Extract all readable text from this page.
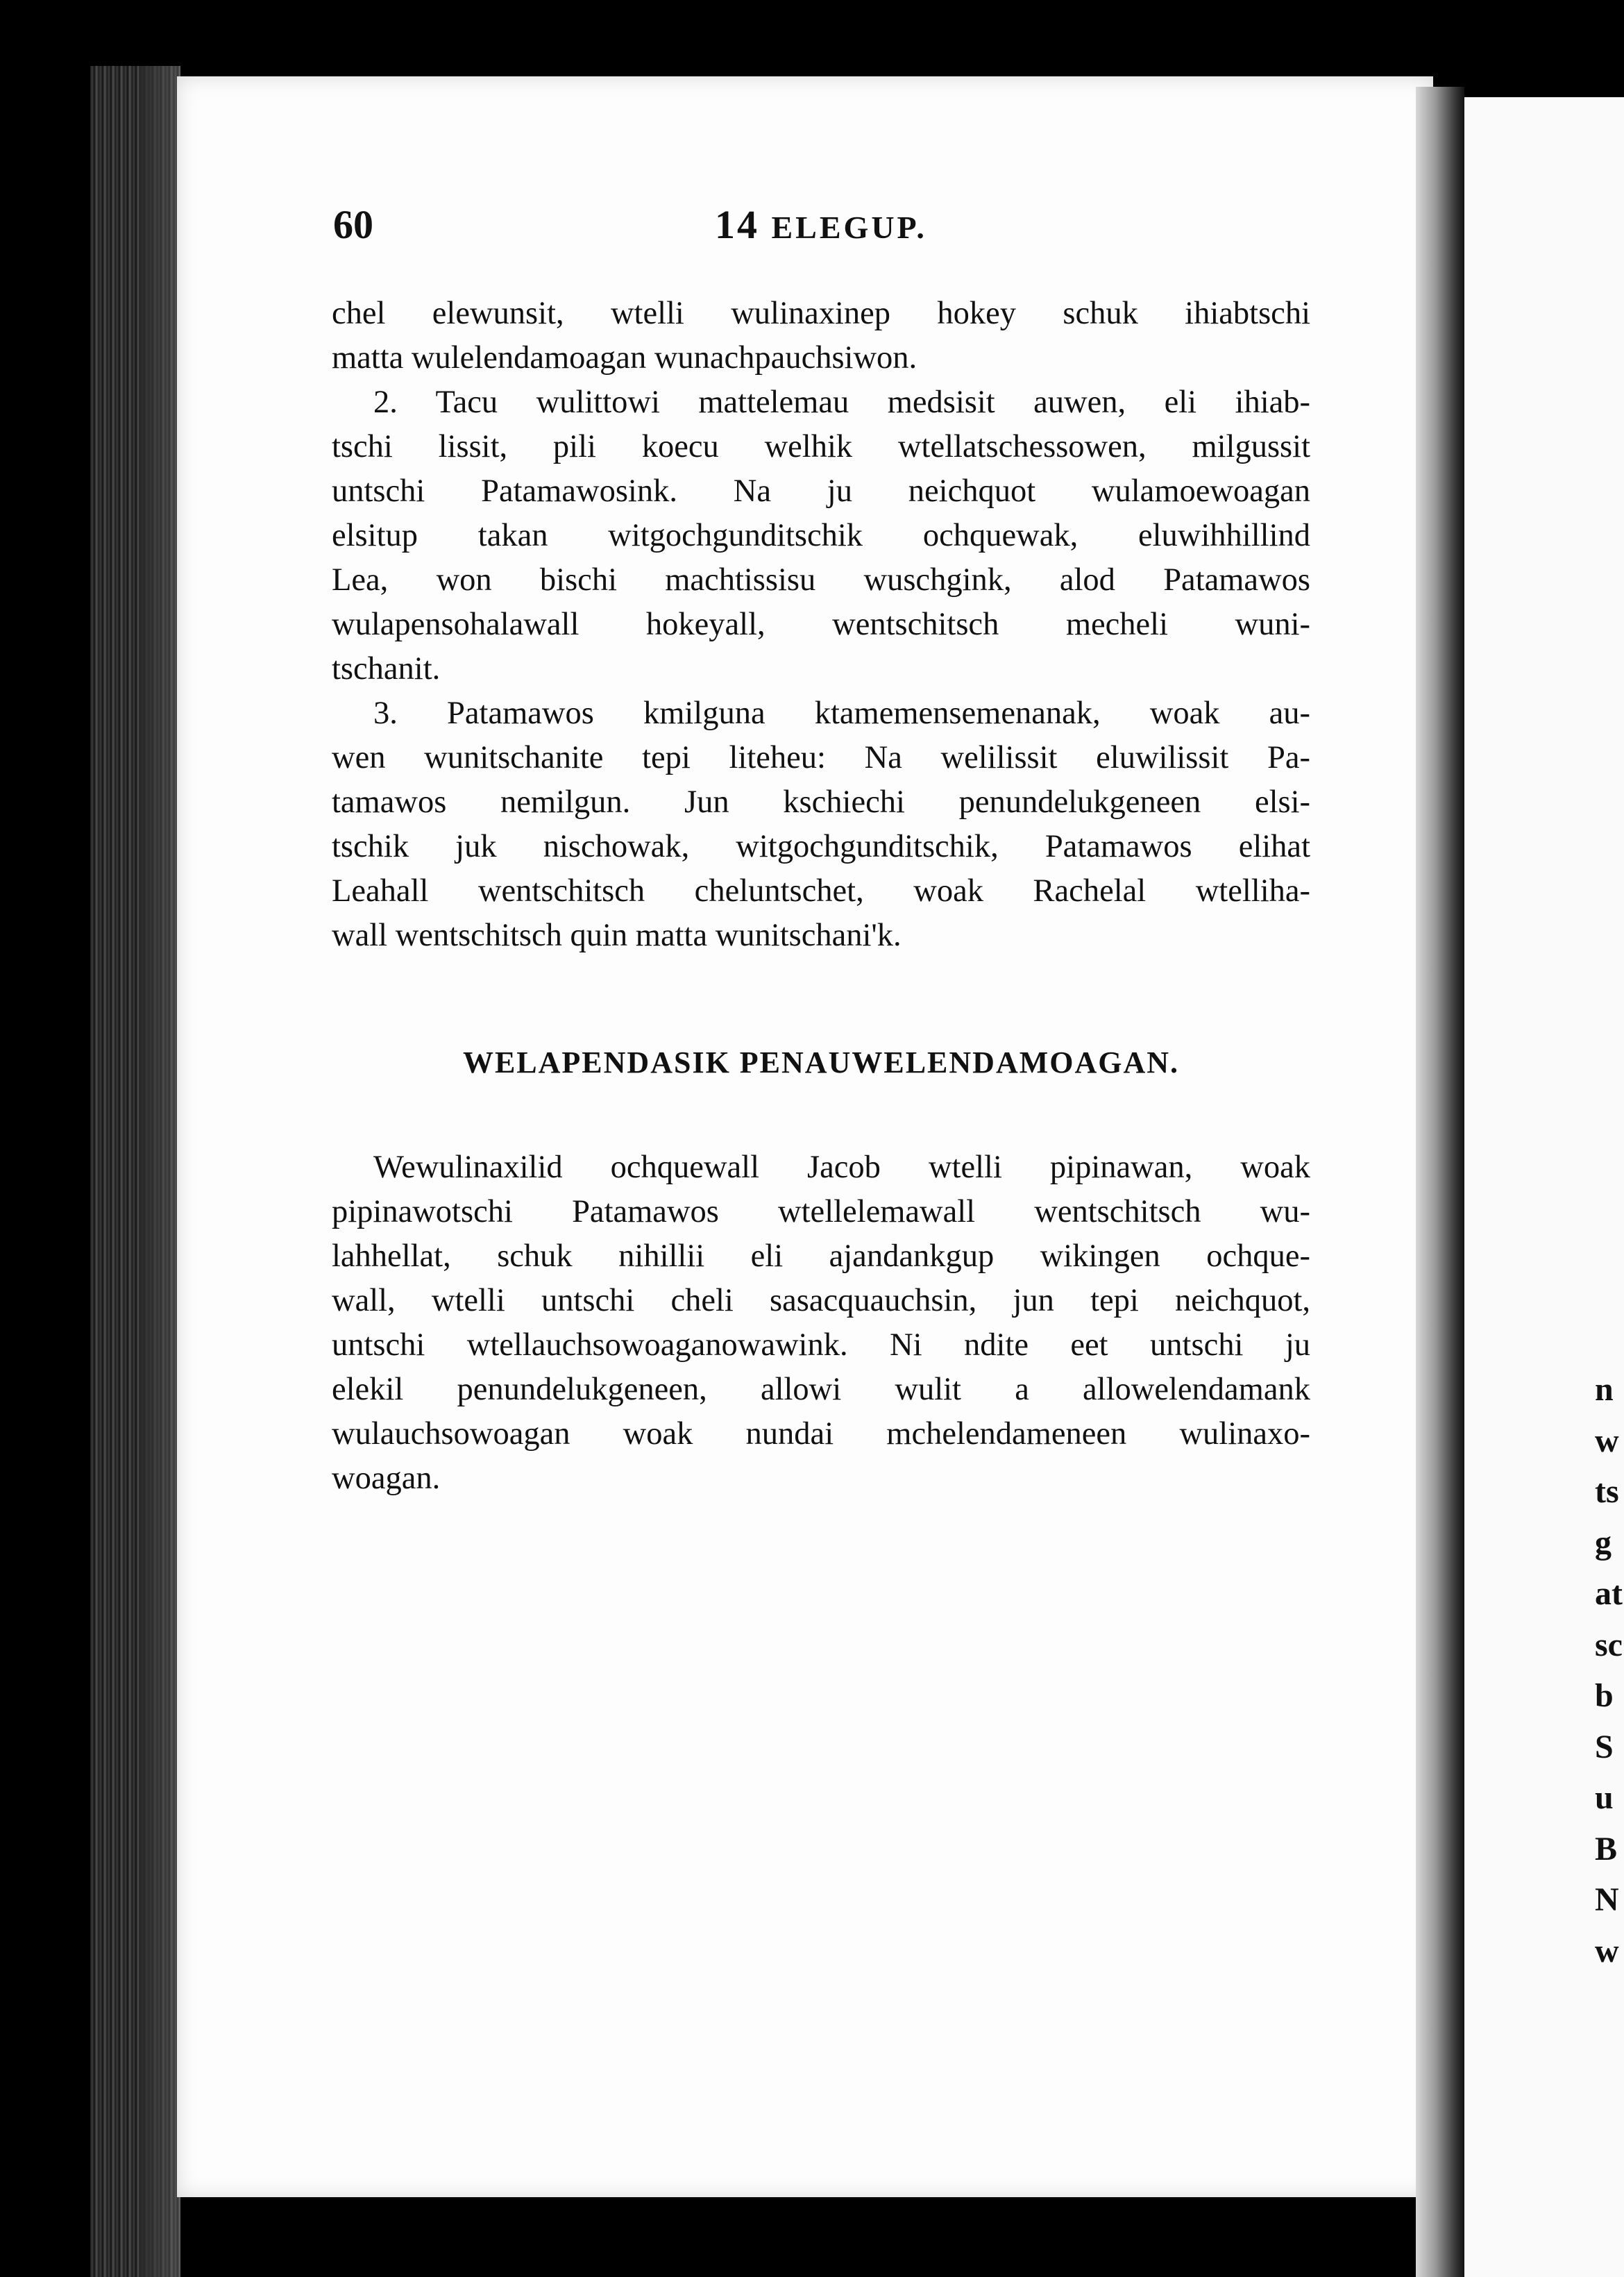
60	14 ELEGUP.
chel elewunsit, wtelli wulinaxinep hokey schuk ihiabtschi
matta wulelendamoagan wunachpauchsiwon.
2. Tacu wulittowi mattelemau medsisit auwen, eli ihiab-
tschi lissit, pili koecu welhik wtellatschessowen, milgussit
untschi Patamawosink. Na ju neichquot wulamoewoagan
elsitup takan witgochgunditschik ochquewak, eluwihhillind
Lea, won bischi machtissisu wuschgink, alod Patamawos
wulapensohalawall hokeyall, wentschitsch mecheli wuni-
tschanit.
3. Patamawos kmilguna ktamemensemenanak, woak au-
wen wunitschanite tepi liteheu: Na welilissit eluwilissit Pa-
tamawos nemilgun. Jun kschiechi penundelukgeneen elsi-
tschik juk nischowak, witgochgunditschik, Patamawos elihat
Leahall wentschitsch cheluntschet, woak Rachelal wtelliha-
wall wentschitsch quin matta wunitschani'k.
WELAPENDASIK PENAUWELENDAMOAGAN.
Wewulinaxilid ochquewall Jacob wtelli pipinawan, woak
pipinawotschi Patamawos wtellelemawall wentschitsch wu-
lahhellat, schuk nihillii eli ajandankgup wikingen ochque-
wall, wtelli untschi cheli sasacquauchsin, jun tepi neichquot,
untschi wtellauchsowoaganowawink. Ni ndite eet untschi ju
elekil penundelukgeneen, allowi wulit a allowelendamank
wulauchsowoagan woak nundai mchelendameneen wulinaxo-
woagan.
n
w
ts
g
at
sc
b
S
u
B
N
w
